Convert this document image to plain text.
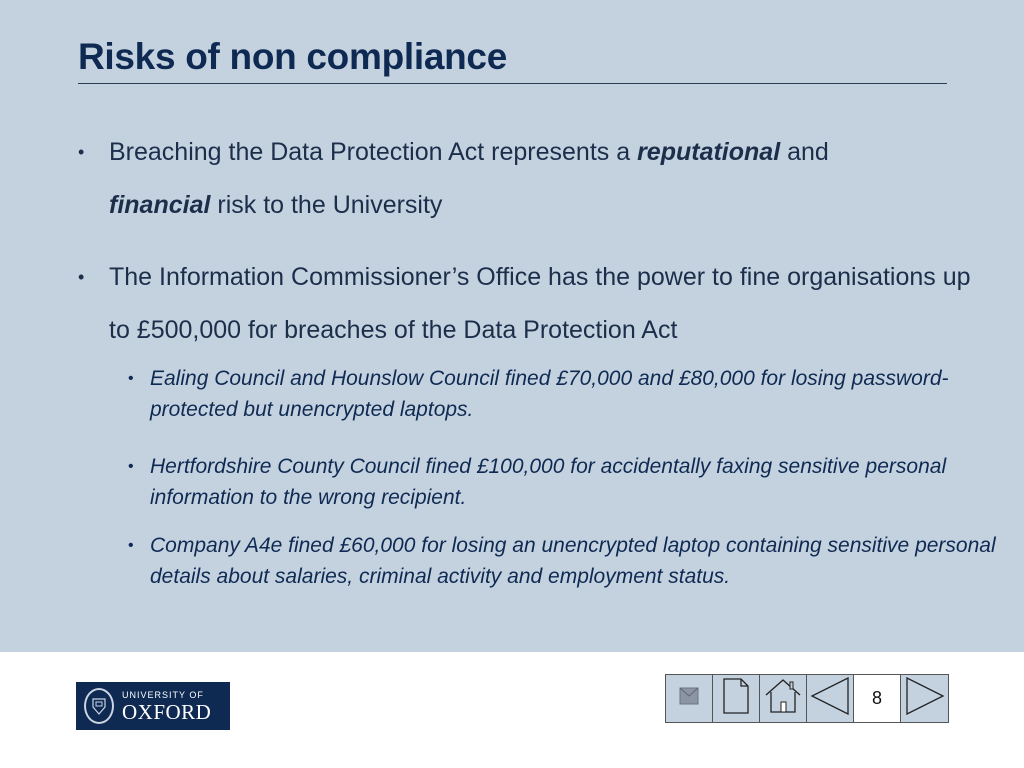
Risks of non compliance
• Breaching the Data Protection Act represents a reputational and
financial risk to the University
• The Information Commissioner’s Office has the power to fine organisations up to £500,000 for breaches of the Data Protection Act
• Ealing Council and Hounslow Council fined £70,000 and £80,000 for losing password-protected but unencrypted laptops.
• Hertfordshire County Council fined £100,000 for accidentally faxing sensitive personal information to the wrong recipient.
• Company A4e fined £60,000 for losing an unencrypted laptop containing sensitive personal details about salaries, criminal activity and employment status.
UNIVERSITY OF
OXFORD
8
